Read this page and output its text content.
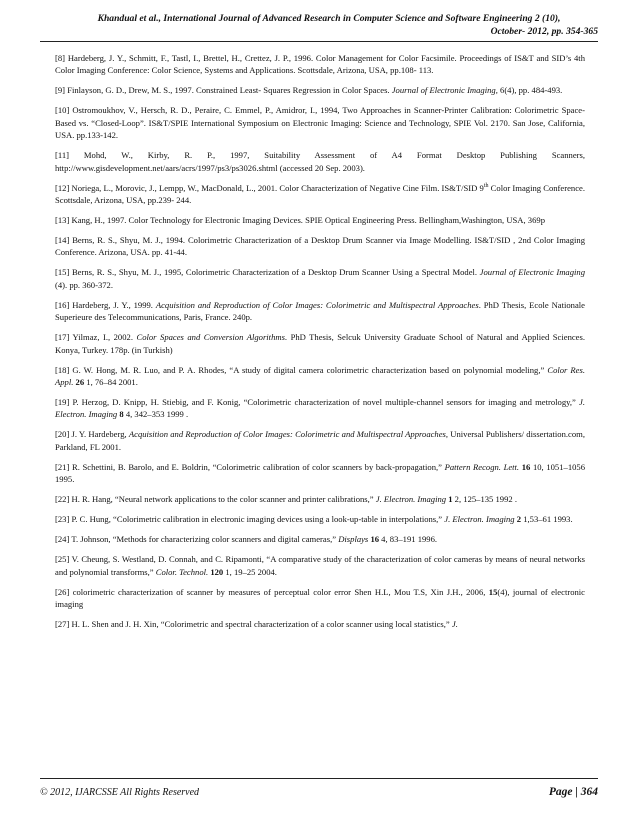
Khandual et al., International Journal of Advanced Research in Computer Science and Software Engineering 2 (10),
October- 2012, pp. 354-365

[8] Hardeberg, J. Y., Schmitt, F., Tastl, I., Brettel, H., Crettez, J. P., 1996. Color Management for Color Facsimile. Proceedings of IS&T and SID’s 4th Color Imaging Conference: Color Science, Systems and Applications. Scottsdale, Arizona, USA, pp.108- 113.

[9] Finlayson, G. D., Drew, M. S., 1997. Constrained Least- Squares Regression in Color Spaces. Journal of Electronic Imaging, 6(4), pp. 484-493.

[10] Ostromoukhov, V., Hersch, R. D., Peraire, C. Emmel, P., Amidror, I., 1994, Two Approaches in Scanner-Printer Calibration: Colorimetric Space-Based vs. “Closed-Loop”. IS&T/SPIE International Symposium on Electronic Imaging: Science and Technology, SPIE Vol. 2170. San Jose, California, USA. pp.133-142.

[11] Mohd, W., Kirby, R. P., 1997, Suitability Assessment of A4 Format Desktop Publishing Scanners, http://www.gisdevelopment.net/aars/acrs/1997/ps3/ps3026.shtml (accessed 20 Sep. 2003).

[12] Noriega, L., Morovic, J., Lempp, W., MacDonald, L., 2001. Color Characterization of Negative Cine Film. IS&T/SID 9th Color Imaging Conference. Scottsdale, Arizona, USA, pp.239- 244.

[13] Kang, H., 1997. Color Technology for Electronic Imaging Devices. SPIE Optical Engineering Press. Bellingham,Washington, USA, 369p

[14] Berns, R. S., Shyu, M. J., 1994. Colorimetric Characterization of a Desktop Drum Scanner via Image Modelling. IS&T/SID , 2nd Color Imaging Conference. Arizona, USA. pp. 41-44.

[15] Berns, R. S., Shyu, M. J., 1995, Colorimetric Characterization of a Desktop Drum Scanner Using a Spectral Model. Journal of Electronic Imaging (4). pp. 360-372.

[16] Hardeberg, J. Y., 1999. Acquisition and Reproduction of Color Images: Colorimetric and Multispectral Approaches. PhD Thesis, Ecole Nationale Superieure des Telecommunications, Paris, France. 240p.

[17] Yilmaz, I., 2002. Color Spaces and Conversion Algorithms. PhD Thesis, Selcuk University Graduate School of Natural and Applied Sciences. Konya, Turkey. 178p. (in Turkish)

[18] G. W. Hong, M. R. Luo, and P. A. Rhodes, “A study of digital camera colorimetric characterization based on polynomial modeling,” Color Res. Appl. 26 1, 76–84 2001.

[19] P. Herzog, D. Knipp, H. Stiebig, and F. Konig, “Colorimetric characterization of novel multiple-channel sensors for imaging and metrology,” J. Electron. Imaging 8 4, 342–353 1999 .

[20] J. Y. Hardeberg, Acquisition and Reproduction of Color Images: Colorimetric and Multispectral Approaches, Universal Publishers/ dissertation.com, Parkland, FL 2001.

[21] R. Schettini, B. Barolo, and E. Boldrin, “Colorimetric calibration of color scanners by back-propagation,” Pattern Recogn. Lett. 16 10, 1051–1056 1995.

[22] H. R. Hang, “Neural network applications to the color scanner and printer calibrations,” J. Electron. Imaging 1 2, 125–135 1992 .

[23] P. C. Hung, “Colorimetric calibration in electronic imaging devices using a look-up-table in interpolations,” J. Electron. Imaging 2 1,53–61 1993.

[24] T. Johnson, “Methods for characterizing color scanners and digital cameras,” Displays 16 4, 83–191 1996.

[25] V. Cheung, S. Westland, D. Connah, and C. Ripamonti, “A comparative study of the characterization of color cameras by means of neural networks and polynomial transforms,” Color. Technol. 120 1, 19–25 2004.

[26] colorimetric characterization of scanner by measures of perceptual color error Shen H.L, Mou T.S, Xin J.H., 2006, 15(4), journal of electronic imaging

[27] H. L. Shen and J. H. Xin, “Colorimetric and spectral characterization of a color scanner using local statistics,” J.

© 2012, IJARCSSE All Rights Reserved	Page | 364
